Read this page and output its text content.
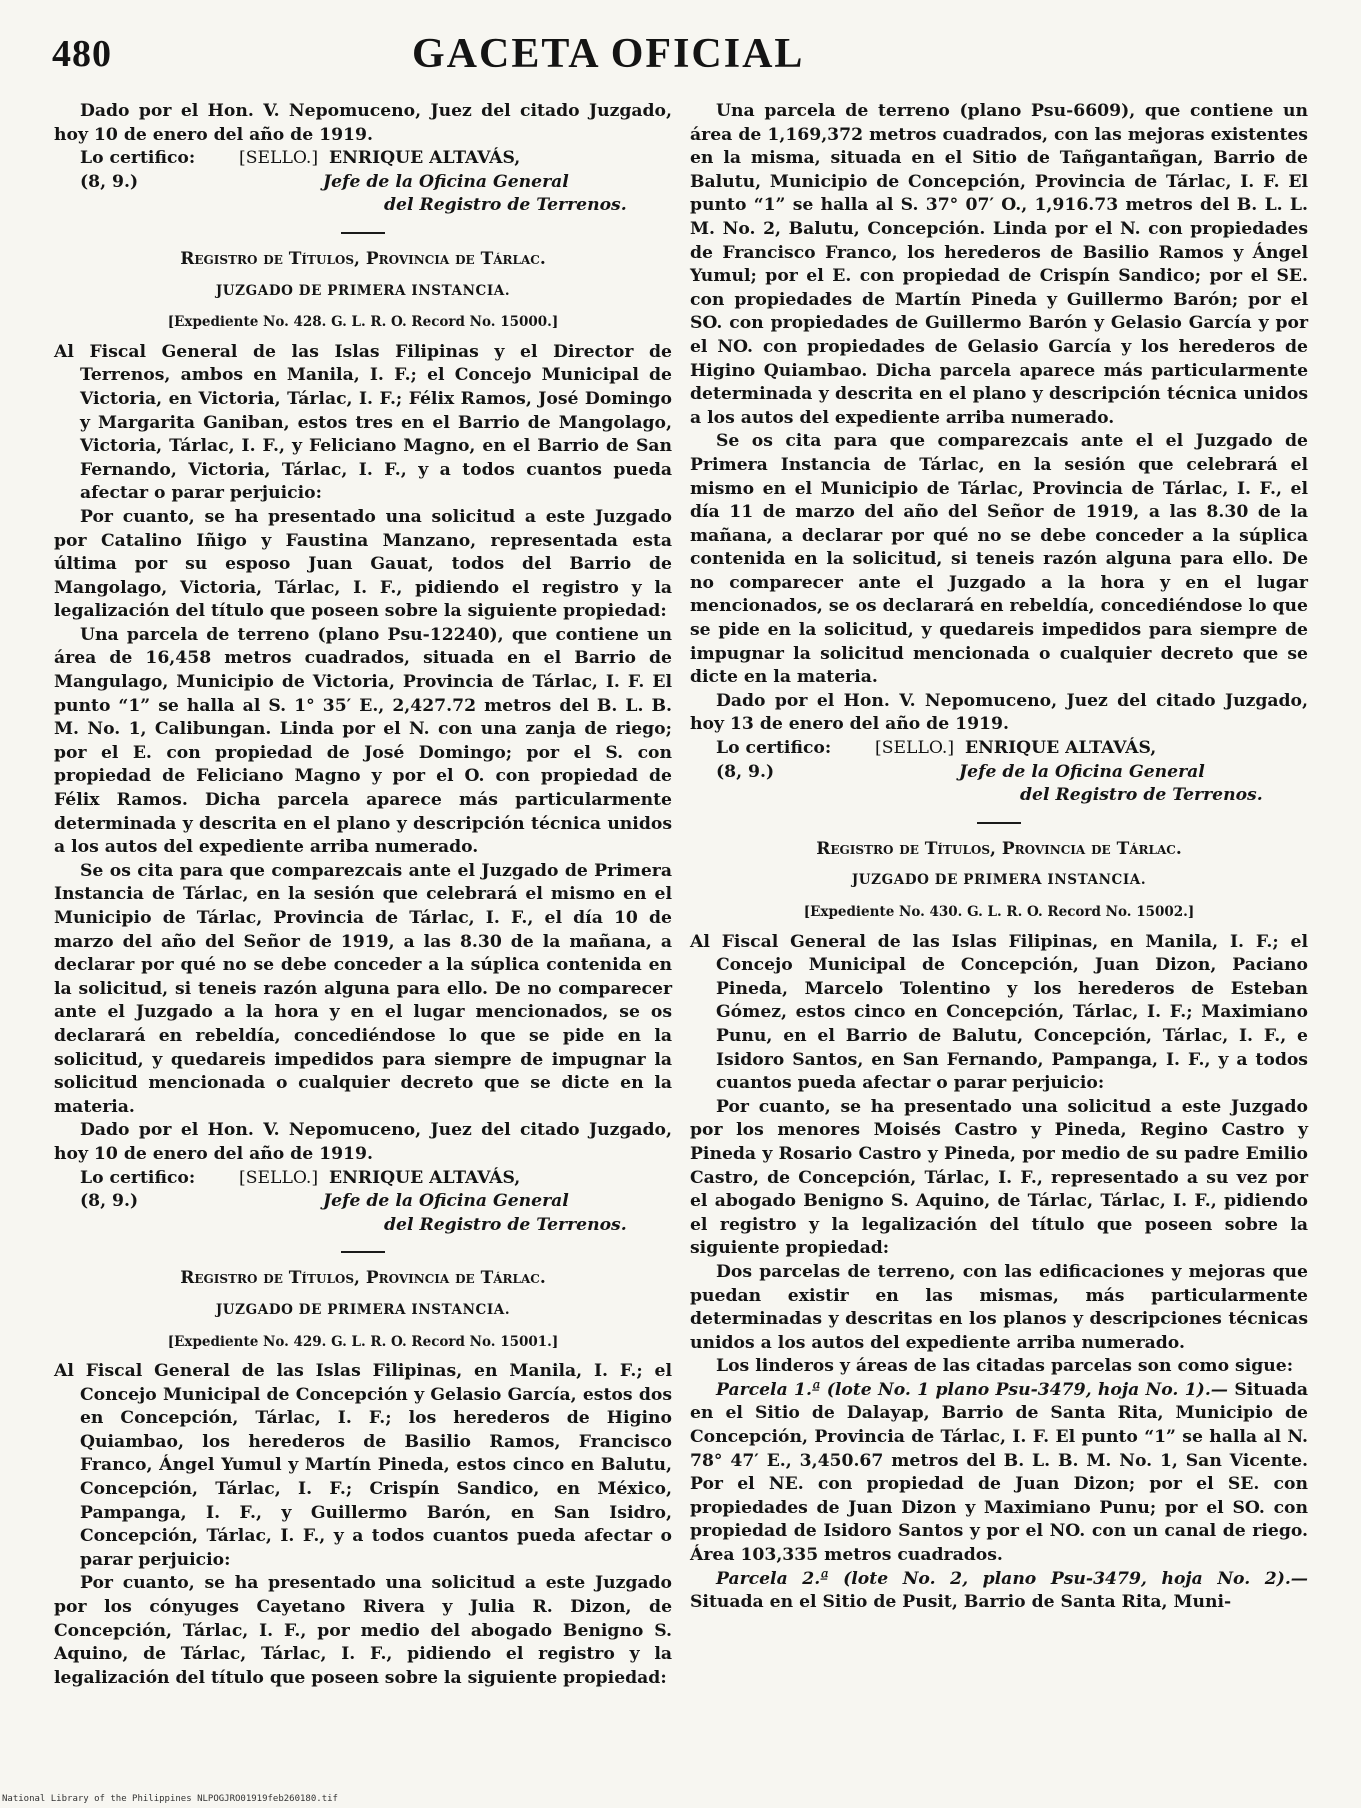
480	GACETA OFICIAL

Dado por el Hon. V. Nepomuceno, Juez del citado Juzgado, hoy 10 de enero del año de 1919.

Lo certifico:	[SELLO.] ENRIQUE ALTAVÁS,
(8, 9.)	Jefe de la Oficina General

del Registro de Terrenos.

Registro de Títulos, Provincia de Tárlac.

JUZGADO DE PRIMERA INSTANCIA.

[Expediente No. 428. G. L. R. O. Record No. 15000.]

Al Fiscal General de las Islas Filipinas y el Director de Terrenos, ambos en Manila, I. F.; el Concejo Municipal de Victoria, en Victoria, Tárlac, I. F.; Félix Ramos, José Domingo y Margarita Ganiban, estos tres en el Barrio de Mangolago, Victoria, Tárlac, I. F., y Feliciano Magno, en el Barrio de San Fernando, Victoria, Tárlac, I. F., y a todos cuantos pueda afectar o parar perjuicio:

Por cuanto, se ha presentado una solicitud a este Juzgado por Catalino Iñigo y Faustina Manzano, representada esta última por su esposo Juan Gauat, todos del Barrio de Mangolago, Victoria, Tárlac, I. F., pidiendo el registro y la legalización del título que poseen sobre la siguiente propiedad:

Una parcela de terreno (plano Psu-12240), que contiene un área de 16,458 metros cuadrados, situada en el Barrio de Mangulago, Municipio de Victoria, Provincia de Tárlac, I. F. El punto “1” se halla al S. 1° 35′ E., 2,427.72 metros del B. L. B. M. No. 1, Calibungan. Linda por el N. con una zanja de riego; por el E. con propiedad de José Domingo; por el S. con propiedad de Feliciano Magno y por el O. con propiedad de Félix Ramos. Dicha parcela aparece más particularmente determinada y descrita en el plano y descripción técnica unidos a los autos del expediente arriba numerado.

Se os cita para que comparezcais ante el Juzgado de Primera Instancia de Tárlac, en la sesión que celebrará el mismo en el Municipio de Tárlac, Provincia de Tárlac, I. F., el día 10 de marzo del año del Señor de 1919, a las 8.30 de la mañana, a declarar por qué no se debe conceder a la súplica contenida en la solicitud, si teneis razón alguna para ello. De no comparecer ante el Juzgado a la hora y en el lugar mencionados, se os declarará en rebeldía, concediéndose lo que se pide en la solicitud, y quedareis impedidos para siempre de impugnar la solicitud mencionada o cualquier decreto que se dicte en la materia.

Dado por el Hon. V. Nepomuceno, Juez del citado Juzgado, hoy 10 de enero del año de 1919.

Lo certifico:	[SELLO.] ENRIQUE ALTAVÁS,
(8, 9.)	Jefe de la Oficina General

del Registro de Terrenos.

Registro de Títulos, Provincia de Tárlac.

JUZGADO DE PRIMERA INSTANCIA.

[Expediente No. 429. G. L. R. O. Record No. 15001.]

Al Fiscal General de las Islas Filipinas, en Manila, I. F.; el Concejo Municipal de Concepción y Gelasio García, estos dos en Concepción, Tárlac, I. F.; los herederos de Higino Quiambao, los herederos de Basilio Ramos, Francisco Franco, Ángel Yumul y Martín Pineda, estos cinco en Balutu, Concepción, Tárlac, I. F.; Crispín Sandico, en México, Pampanga, I. F., y Guillermo Barón, en San Isidro, Concepción, Tárlac, I. F., y a todos cuantos pueda afectar o parar perjuicio:

Por cuanto, se ha presentado una solicitud a este Juzgado por los cónyuges Cayetano Rivera y Julia R. Dizon, de Concepción, Tárlac, I. F., por medio del abogado Benigno S. Aquino, de Tárlac, Tárlac, I. F., pidiendo el registro y la legalización del título que poseen sobre la siguiente propiedad:

Una parcela de terreno (plano Psu-6609), que contiene un área de 1,169,372 metros cuadrados, con las mejoras existentes en la misma, situada en el Sitio de Tañgantañgan, Barrio de Balutu, Municipio de Concepción, Provincia de Tárlac, I. F. El punto “1” se halla al S. 37° 07′ O., 1,916.73 metros del B. L. L. M. No. 2, Balutu, Concepción. Linda por el N. con propiedades de Francisco Franco, los herederos de Basilio Ramos y Ángel Yumul; por el E. con propiedad de Crispín Sandico; por el SE. con propiedades de Martín Pineda y Guillermo Barón; por el SO. con propiedades de Guillermo Barón y Gelasio García y por el NO. con propiedades de Gelasio García y los herederos de Higino Quiambao. Dicha parcela aparece más particularmente determinada y descrita en el plano y descripción técnica unidos a los autos del expediente arriba numerado.

Se os cita para que comparezcais ante el el Juzgado de Primera Instancia de Tárlac, en la sesión que celebrará el mismo en el Municipio de Tárlac, Provincia de Tárlac, I. F., el día 11 de marzo del año del Señor de 1919, a las 8.30 de la mañana, a declarar por qué no se debe conceder a la súplica contenida en la solicitud, si teneis razón alguna para ello. De no comparecer ante el Juzgado a la hora y en el lugar mencionados, se os declarará en rebeldía, concediéndose lo que se pide en la solicitud, y quedareis impedidos para siempre de impugnar la solicitud mencionada o cualquier decreto que se dicte en la materia.

Dado por el Hon. V. Nepomuceno, Juez del citado Juzgado, hoy 13 de enero del año de 1919.

Lo certifico:	[SELLO.] ENRIQUE ALTAVÁS,
(8, 9.)	Jefe de la Oficina General

del Registro de Terrenos.

Registro de Títulos, Provincia de Tárlac.

JUZGADO DE PRIMERA INSTANCIA.

[Expediente No. 430. G. L. R. O. Record No. 15002.]

Al Fiscal General de las Islas Filipinas, en Manila, I. F.; el Concejo Municipal de Concepción, Juan Dizon, Paciano Pineda, Marcelo Tolentino y los herederos de Esteban Gómez, estos cinco en Concepción, Tárlac, I. F.; Maximiano Punu, en el Barrio de Balutu, Concepción, Tárlac, I. F., e Isidoro Santos, en San Fernando, Pampanga, I. F., y a todos cuantos pueda afectar o parar perjuicio:

Por cuanto, se ha presentado una solicitud a este Juzgado por los menores Moisés Castro y Pineda, Regino Castro y Pineda y Rosario Castro y Pineda, por medio de su padre Emilio Castro, de Concepción, Tárlac, I. F., representado a su vez por el abogado Benigno S. Aquino, de Tárlac, Tárlac, I. F., pidiendo el registro y la legalización del título que poseen sobre la siguiente propiedad:

Dos parcelas de terreno, con las edificaciones y mejoras que puedan existir en las mismas, más particularmente determinadas y descritas en los planos y descripciones técnicas unidos a los autos del expediente arriba numerado.

Los linderos y áreas de las citadas parcelas son como sigue:

Parcela 1.ª (lote No. 1 plano Psu-3479, hoja No. 1).— Situada en el Sitio de Dalayap, Barrio de Santa Rita, Municipio de Concepción, Provincia de Tárlac, I. F. El punto “1” se halla al N. 78° 47′ E., 3,450.67 metros del B. L. B. M. No. 1, San Vicente. Por el NE. con propiedad de Juan Dizon; por el SE. con propiedades de Juan Dizon y Maximiano Punu; por el SO. con propiedad de Isidoro Santos y por el NO. con un canal de riego. Área 103,335 metros cuadrados.

Parcela 2.ª (lote No. 2, plano Psu-3479, hoja No. 2).— Situada en el Sitio de Pusit, Barrio de Santa Rita, Muni-

National Library of the Philippines NLPOGJRO01919feb260180.tif
